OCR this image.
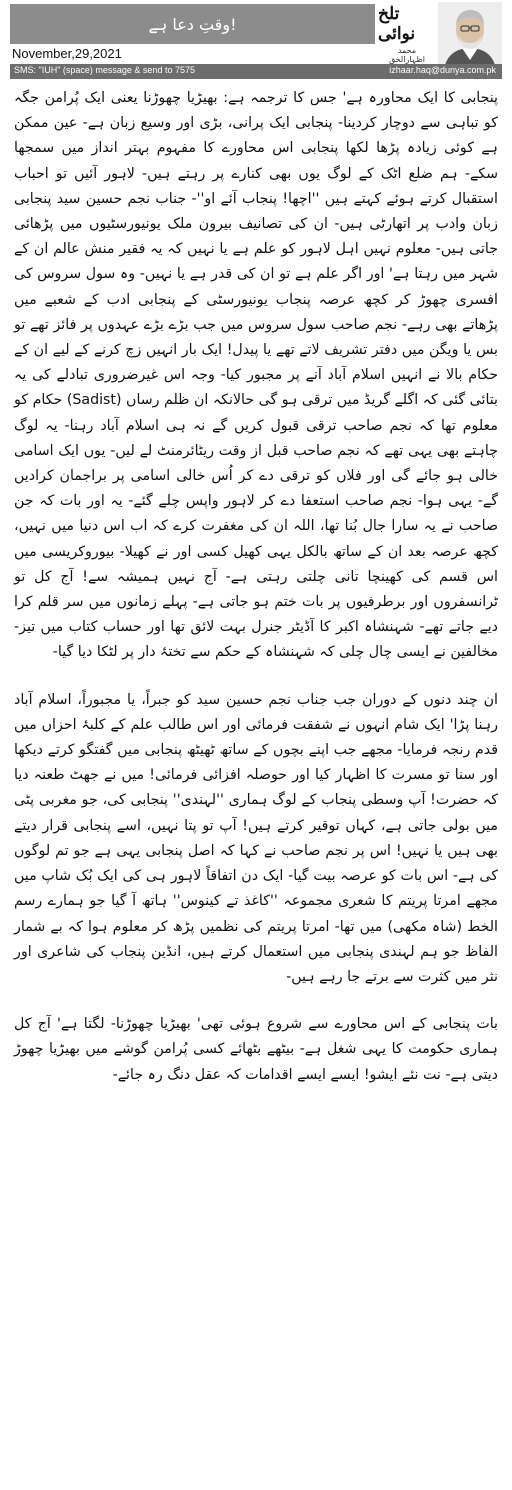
وقتِ دعا ہے!	تلخ نوائی
محمد اظہارالحق
November,29,2021
SMS: "IUH" (space) message & send to 7575	izhaar.haq@dunya.com.pk

پنجابی کا ایک محاورہ ہے' جس کا ترجمہ ہے: بھیڑیا چھوڑنا یعنی ایک پُرامن جگہ کو تباہی سے دوچار کردینا- پنجابی ایک پرانی، بڑی اور وسیع زبان ہے- عین ممکن ہے کوئی زیادہ پڑھا لکھا پنجابی اس محاورے کا مفہوم بہتر انداز میں سمجھا سکے- ہم ضلع اٹک کے لوگ یوں بھی کنارے پر رہتے ہیں- لاہور آئیں تو احباب استقبال کرتے ہوئے کہتے ہیں ''اچھا! پنجاب آئے او''- جناب نجم حسین سید پنجابی زبان وادب پر اتھارٹی ہیں- ان کی تصانیف بیرون ملک یونیورسٹیوں میں پڑھائی جاتی ہیں- معلوم نہیں اہل لاہور کو علم ہے یا نہیں کہ یہ فقیر منش عالم ان کے شہر میں رہتا ہے' اور اگر علم ہے تو ان کی قدر ہے یا نہیں- وہ سول سروس کی افسری چھوڑ کر کچھ عرصہ پنجاب یونیورسٹی کے پنجابی ادب کے شعبے میں پڑھاتے بھی رہے- نجم صاحب سول سروس میں جب بڑے بڑے عہدوں پر فائز تھے تو بس یا ویگن میں دفتر تشریف لاتے تھے یا پیدل! ایک بار انہیں زچ کرنے کے لیے ان کے حکام بالا نے انہیں اسلام آباد آنے پر مجبور کیا- وجہ اس غیرضروری تبادلے کی یہ بتائی گئی کہ اگلے گریڈ میں ترقی ہو گی حالانکہ ان ظلم رساں (Sadist) حکام کو معلوم تھا کہ نجم صاحب ترقی قبول کریں گے نہ ہی اسلام آباد رہنا- یہ لوگ چاہتے بھی یہی تھے کہ نجم صاحب قبل از وقت ریٹائرمنٹ لے لیں- یوں ایک اسامی خالی ہو جائے گی اور فلاں کو ترقی دے کر اُس خالی اسامی پر براجمان کرادیں گے- یہی ہوا- نجم صاحب استعفا دے کر لاہور واپس چلے گئے- یہ اور بات کہ جن صاحب نے یہ سارا جال بُنا تھا، اللہ ان کی مغفرت کرے کہ اب اس دنیا میں نہیں، کچھ عرصہ بعد ان کے ساتھ بالکل یہی کھیل کسی اور نے کھیلا- بیوروکریسی میں اس قسم کی کھینچا تانی چلتی رہتی ہے- آج نہیں ہمیشہ سے! آج کل تو ٹرانسفروں اور برطرفیوں پر بات ختم ہو جاتی ہے- پہلے زمانوں میں سر قلم کرا دیے جاتے تھے- شہنشاہ اکبر کا آڈیٹر جنرل بہت لائق تھا اور حساب کتاب میں تیز- مخالفین نے ایسی چال چلی کہ شہنشاہ کے حکم سے تختۂ دار پر لٹکا دیا گیا-

ان چند دنوں کے دوران جب جناب نجم حسین سید کو جبراً، یا مجبوراً، اسلام آباد رہنا پڑا' ایک شام انہوں نے شفقت فرمائی اور اس طالب علم کے کلبۂ احزاں میں قدم رنجہ فرمایا- مجھے جب اپنے بچوں کے ساتھ ٹھیٹھ پنجابی میں گفتگو کرتے دیکھا اور سنا تو مسرت کا اظہار کیا اور حوصلہ افزائی فرمائی! میں نے جھٹ طعنہ دیا کہ حضرت! آپ وسطی پنجاب کے لوگ ہماری ''لہندی'' پنجابی کی، جو مغربی پٹی میں بولی جاتی ہے، کہاں توقیر کرتے ہیں! آپ تو پتا نہیں، اسے پنجابی قرار دیتے بھی ہیں یا نہیں! اس پر نجم صاحب نے کہا کہ اصل پنجابی یہی ہے جو تم لوگوں کی ہے- اس بات کو عرصہ بیت گیا- ایک دن اتفاقاً لاہور ہی کی ایک بُک شاپ میں مجھے امرتا پریتم کا شعری مجموعہ ''کاغذ تے کینوس'' ہاتھ آ گیا جو ہمارے رسم الخط (شاہ مکھی) میں تھا- امرتا پریتم کی نظمیں پڑھ کر معلوم ہوا کہ بے شمار الفاظ جو ہم لہندی پنجابی میں استعمال کرتے ہیں، انڈین پنجاب کی شاعری اور نثر میں کثرت سے برتے جا رہے ہیں-

بات پنجابی کے اس محاورے سے شروع ہوئی تھی' بھیڑیا چھوڑنا- لگتا ہے' آج کل ہماری حکومت کا یہی شغل ہے- بیٹھے بٹھائے کسی پُرامن گوشے میں بھیڑیا چھوڑ دیتی ہے- نت نئے ایشو! ایسے ایسے اقدامات کہ عقل دنگ رہ جائے-
